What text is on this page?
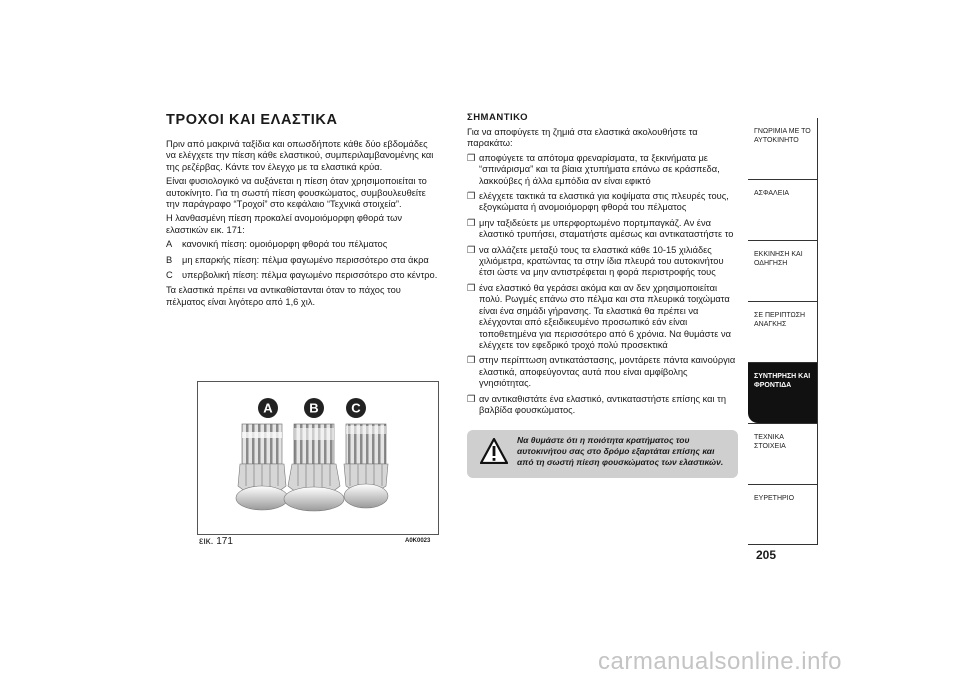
ΤΡΟΧΟΙ ΚΑΙ ΕΛΑΣΤΙΚΑ

Πριν από μακρινά ταξίδια και οπωσδήποτε κάθε δύο εβδομάδες να ελέγχετε την πίεση κάθε ελαστικού, συμπεριλαμβανομένης και της ρεζέρβας. Κάντε τον έλεγχο με τα ελαστικά κρύα.

Είναι φυσιολογικό να αυξάνεται η πίεση όταν χρησιμοποιείται το αυτοκίνητο. Για τη σωστή πίεση φουσκώματος, συμβουλευθείτε την παράγραφο “Τροχοί” στο κεφάλαιο “Τεχνικά στοιχεία”.

Η λανθασμένη πίεση προκαλεί ανομοιόμορφη φθορά των ελαστικών εικ. 171:

A	κανονική πίεση: ομοιόμορφη φθορά του πέλματος
B	μη επαρκής πίεση: πέλμα φαγωμένο περισσότερο στα άκρα
C υπερβολική πίεση: πέλμα φαγωμένο περισσότερο στο κέντρο.

Τα ελαστικά πρέπει να αντικαθίστανται όταν το πάχος του πέλματος είναι λιγότερο από 1,6 χιλ.

A	B	C
εικ. 171	A0K0023
ΣΗΜΑΝΤΙΚΟ

Για να αποφύγετε τη ζημιά στα ελαστικά ακολουθήστε τα παρακάτω:

❒ αποφύγετε τα απότομα φρεναρίσματα, τα ξεκινήματα με “σπινάρισμα” και τα βίαια χτυπήματα επάνω σε κράσπεδα, λακκούβες ή άλλα εμπόδια αν είναι εφικτό
❒ ελέγχετε τακτικά τα ελαστικά για κοψίματα στις πλευρές τους, εξογκώματα ή ανομοιόμορφη φθορά του πέλματος
❒ μην ταξιδεύετε με υπερφορτωμένο πορτμπαγκάζ. Αν ένα ελαστικό τρυπήσει, σταματήστε αμέσως και αντικαταστήστε το
❒ να αλλάζετε μεταξύ τους τα ελαστικά κάθε 10-15 χιλιάδες χιλιόμετρα, κρατώντας τα στην ίδια πλευρά του αυτοκινήτου έτσι ώστε να μην αντιστρέφεται η φορά περιστροφής τους
❒ ένα ελαστικό θα γεράσει ακόμα και αν δεν χρησιμοποιείται πολύ. Ρωγμές επάνω στο πέλμα και στα πλευρικά τοιχώματα είναι ένα σημάδι γήρανσης. Τα ελαστικά θα πρέπει να ελέγχονται από εξειδικευμένο προσωπικό εάν είναι τοποθετημένα για περισσότερο από 6 χρόνια. Να θυμάστε να ελέγχετε τον εφεδρικό τροχό πολύ προσεκτικά
❒ στην περίπτωση αντικατάστασης, μοντάρετε πάντα καινούργια ελαστικά, αποφεύγοντας αυτά που είναι αμφίβολης γνησιότητας.
❒ αν αντικαθιστάτε ένα ελαστικό, αντικαταστήστε επίσης και τη βαλβίδα φουσκώματος.
Να θυμάστε ότι η ποιότητα κρατήματος του αυτοκινήτου σας στο δρόμο εξαρτάται επίσης και από τη σωστή πίεση φουσκώματος των ελαστικών.
ΓΝΩΡΙΜΙΑ ΜΕ ΤΟ ΑΥΤΟΚΙΝΗΤΟ
ΑΣΦΑΛΕΙΑ
ΕΚΚΙΝΗΣΗ ΚΑΙ ΟΔΗΓΗΣΗ
ΣΕ ΠΕΡΙΠΤΩΣΗ ΑΝΑΓΚΗΣ
ΣΥΝΤΗΡΗΣΗ ΚΑΙ ΦΡΟΝΤΙΔΑ
ΤΕΧΝΙΚΑ ΣΤΟΙΧΕΙΑ
ΕΥΡΕΤΗΡΙΟ
205
carmanualsonline.info
